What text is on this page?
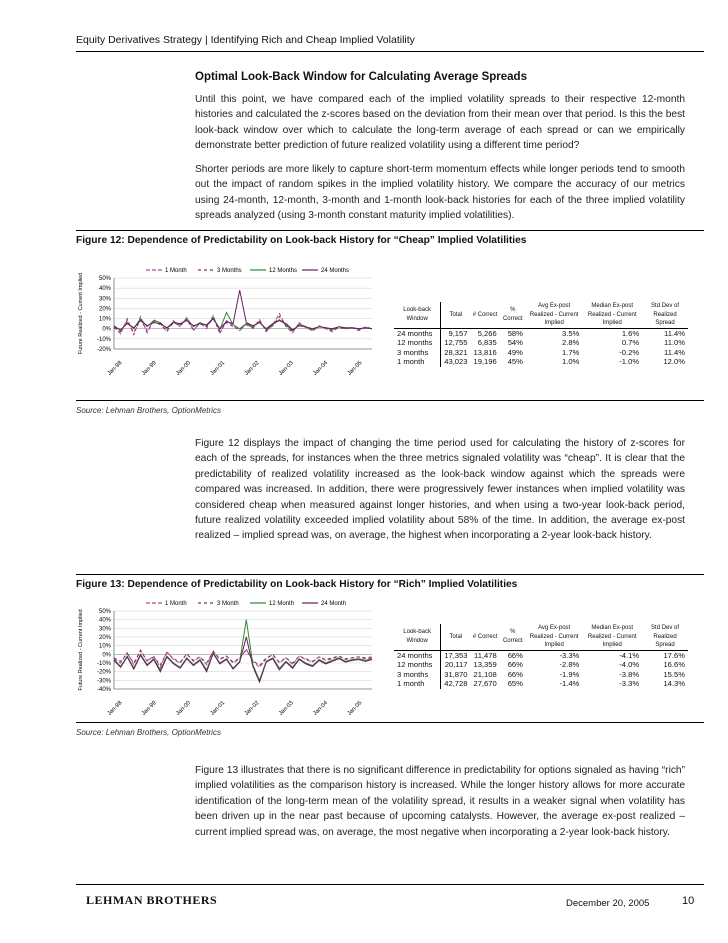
Equity Derivatives Strategy | Identifying Rich and Cheap Implied Volatility
Optimal Look-Back Window for Calculating Average Spreads
Until this point, we have compared each of the implied volatility spreads to their respective 12-month histories and calculated the z-scores based on the deviation from their mean over that period. Is this the best look-back window over which to calculate the long-term average of each spread or can we empirically demonstrate better prediction of future realized volatility using a different time period?
Shorter periods are more likely to capture short-term momentum effects while longer periods tend to smooth out the impact of random spikes in the implied volatility history. We compare the accuracy of our metrics using 24-month, 12-month, 3-month and 1-month look-back histories for each of the three implied volatility spreads analyzed (using 3-month constant maturity implied volatilities).
Figure 12: Dependence of Predictability on Look-back History for “Cheap” Implied Volatilities
Future Realized - Current Implied 50%
40%
30%
20%
10%
0%
-10%
-20%
Jan-98	Jan-99	Jan-00	Jan-01	Jan-02	Jan-03	Jan-04	Jan-05
1 Month	3 Months	12 Months	24 Months
Look-back Window	Total	# Correct	% Correct	Avg Ex-post Realized - Current Implied	Median Ex-post Realized - Current Implied	Std Dev of Realized Spread
24 months	9,157	5,266	58%	3.5%	1.6%	11.4%
12 months	12,755	6,835	54%	2.8%	0.7%	11.0%
3 months	28,321	13,816	49%	1.7%	-0.2%	11.4%
1 month	43,023	19,196	45%	1.0%	-1.0%	12.0%
Source: Lehman Brothers, OptionMetrics
Figure 12 displays the impact of changing the time period used for calculating the history of z-scores for each of the spreads, for instances when the three metrics signaled volatility was “cheap”. It is clear that the predictability of realized volatility increased as the look-back window against which the spreads were compared was increased. In addition, there were progressively fewer instances when implied volatility was considered cheap when measured against longer histories, and when using a two-year look-back period, future realized volatility exceeded implied volatility about 58% of the time. In addition, the average ex-post realized – implied spread was, on average, the highest when incorporating a 2-year look-back history.
Figure 13: Dependence of Predictability on Look-back History for “Rich” Implied Volatilities
Future Realized - Current Implied 50%
40%
30%
20%
10%
0%
-10%
-20%
-30%
-40%
Jan-98	Jan-99	Jan-00	Jan-01	Jan-02	Jan-03	Jan-04	Jan-05
1 Month	3 Month	12 Month	24 Month
Look-back Window	Total	# Correct	% Correct	Avg Ex-post Realized - Current Implied	Median Ex-post Realized - Current Implied	Std Dev of Realized Spread
24 months	17,353	11,478	66%	-3.3%	-4.1%	17.6%
12 months	20,117	13,359	66%	-2.8%	-4.0%	16.6%
3 months	31,870	21,108	66%	-1.9%	-3.8%	15.5%
1 month	42,728	27,670	65%	-1.4%	-3.3%	14.3%
Source: Lehman Brothers, OptionMetrics
Figure 13 illustrates that there is no significant difference in predictability for options signaled as having “rich” implied volatilities as the comparison history is increased. While the longer history allows for more accurate identification of the long-term mean of the volatility spread, it results in a weaker signal when volatility has been driven up in the near past because of upcoming catalysts. However, the average ex-post realized – current implied spread was, on average, the most negative when incorporating a 2-year look-back history.
LEHMAN BROTHERS	December 20, 2005	10
